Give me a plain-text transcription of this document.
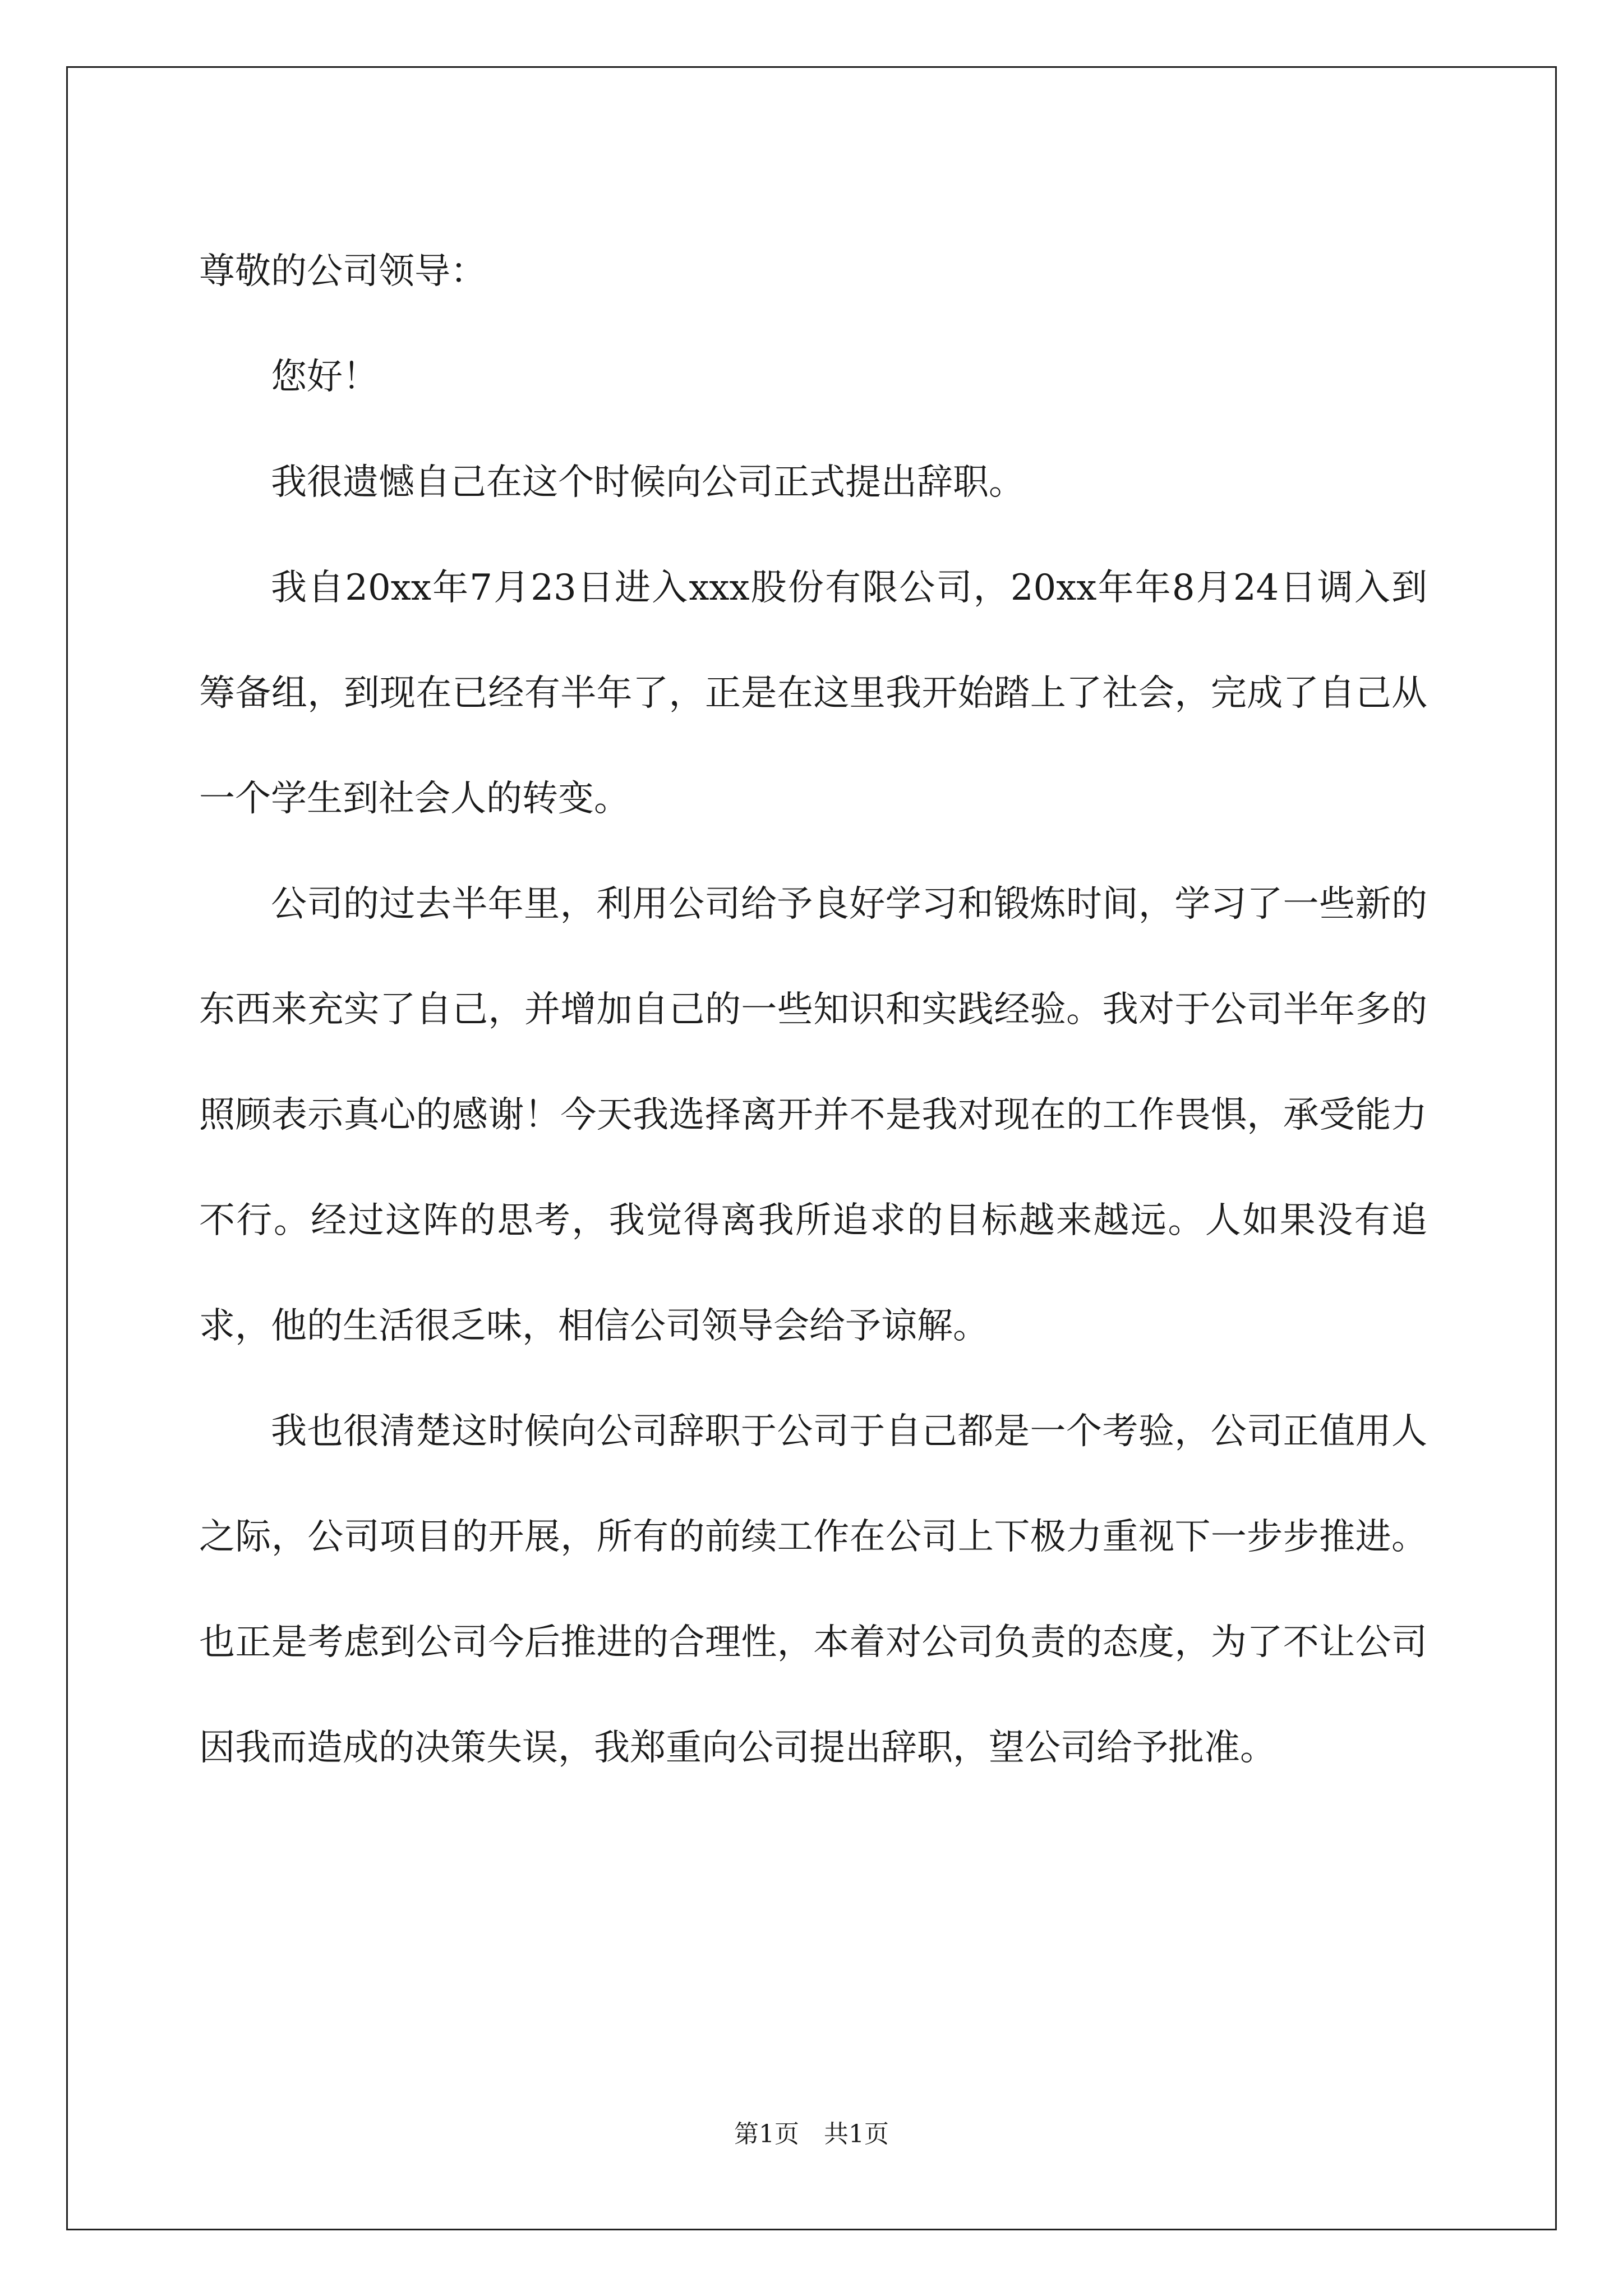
尊敬的公司领导：

您好！

我很遗憾自己在这个时候向公司正式提出辞职。

我自20xx年7月23日进入xxx股份有限公司，20xx年年8月24日调入到筹备组，到现在已经有半年了，正是在这里我开始踏上了社会，完成了自己从一个学生到社会人的转变。

公司的过去半年里，利用公司给予良好学习和锻炼时间，学习了一些新的东西来充实了自己，并增加自己的一些知识和实践经验。我对于公司半年多的照顾表示真心的感谢！今天我选择离开并不是我对现在的工作畏惧，承受能力不行。经过这阵的思考，我觉得离我所追求的目标越来越远。人如果没有追求，他的生活很乏味，相信公司领导会给予谅解。

我也很清楚这时候向公司辞职于公司于自己都是一个考验，公司正值用人之际，公司项目的开展，所有的前续工作在公司上下极力重视下一步步推进。也正是考虑到公司今后推进的合理性，本着对公司负责的态度，为了不让公司因我而造成的决策失误，我郑重向公司提出辞职，望公司给予批准。

第1页 共1页
